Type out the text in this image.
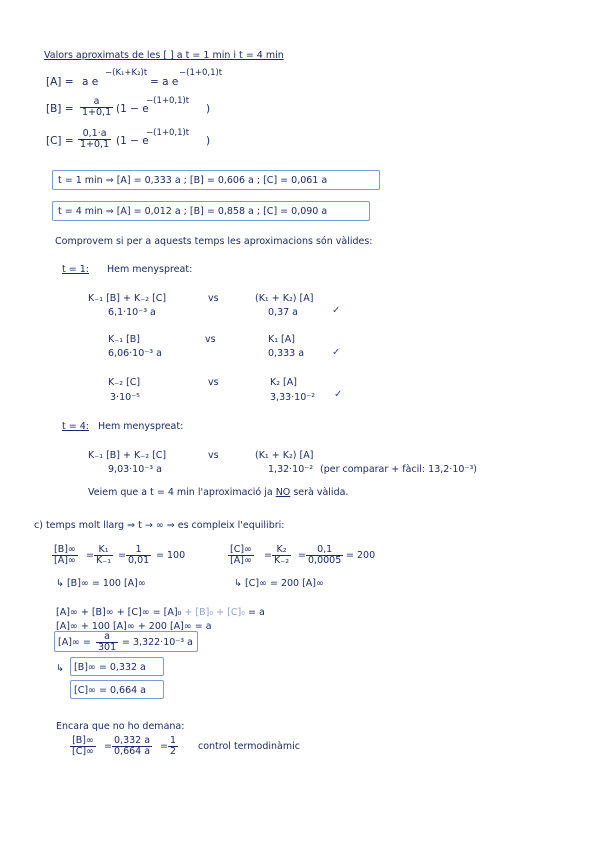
Valors aproximats de les [ ] a t = 1 min i t = 4 min
[A] = a e
−(K₁+K₂)t
= a e
−(1+0,1)t
$[B] = \frac{a}{1+0,1} (1 - e$
−(1+0,1)t
)
$[C] = \frac{0,1\cdot a}{1+0,1} (1 - e$
−(1+0,1)t
)
t = 1 min ⇒ [A] = 0,333 a ; [B] = 0,606 a ; [C] = 0,061 a
t = 4 min ⇒ [A] = 0,012 a ; [B] = 0,858 a ; [C] = 0,090 a
Comprovem si per a aquests temps les aproximacions són vàlides:
t = 1: Hem menyspreat:
K₋₁ [B] + K₋₂ [C]
6,1·10⁻³ a
vs	(K₁ + K₂) [A]
0,37 a	✓
K₋₁ [B]
6,06·10⁻³ a
vs	K₁ [A]
0,333 a	✓
K₋₂ [C]
3·10⁻⁵
vs	K₂ [A]
3,33·10⁻² ✓
t = 4: Hem menyspreat:
K₋₁ [B] + K₋₂ [C]
9,03·10⁻³ a
vs	(K₁ + K₂) [A]
1,32·10⁻² (per comparar + fàcil: 13,2·10⁻³)
Veiem que a t = 4 min l'aproximació ja NO serà vàlida.
c) temps molt llarg ⇒ t → ∞ ⇒ es compleix l'equilibri:
$\frac{[B]\infty}{[A]\infty} = \frac{\text{K₁}}{\text{K₋₁}} = \frac{1}{0,01} = 100$	$\frac{[C]\infty}{[A]\infty} = \frac{\text{K₂}}{\text{K₋₂}} = \frac{0,1}{0,0005} = 200$
↳ [B]∞ = 100 [A]∞	↳ [C]∞ = 200 [A]∞
[A]∞ + [B]∞ + [C]∞ = [A]₀ + [B]₀ + [C]₀ = a
[A]∞ + 100 [A]∞ + 200 [A]∞ = a
$[A]\infty = \frac{a}{301} = 3,322\cdot 10^{-3}$ a
↳ [B]∞ = 0,332 a
[C]∞ = 0,664 a
Encara que no ho demana:
$\frac{[B]\infty}{[C]\infty} = \frac{0,332 a}{0,664 a} = \frac{1}{2}$ control termodinàmic
